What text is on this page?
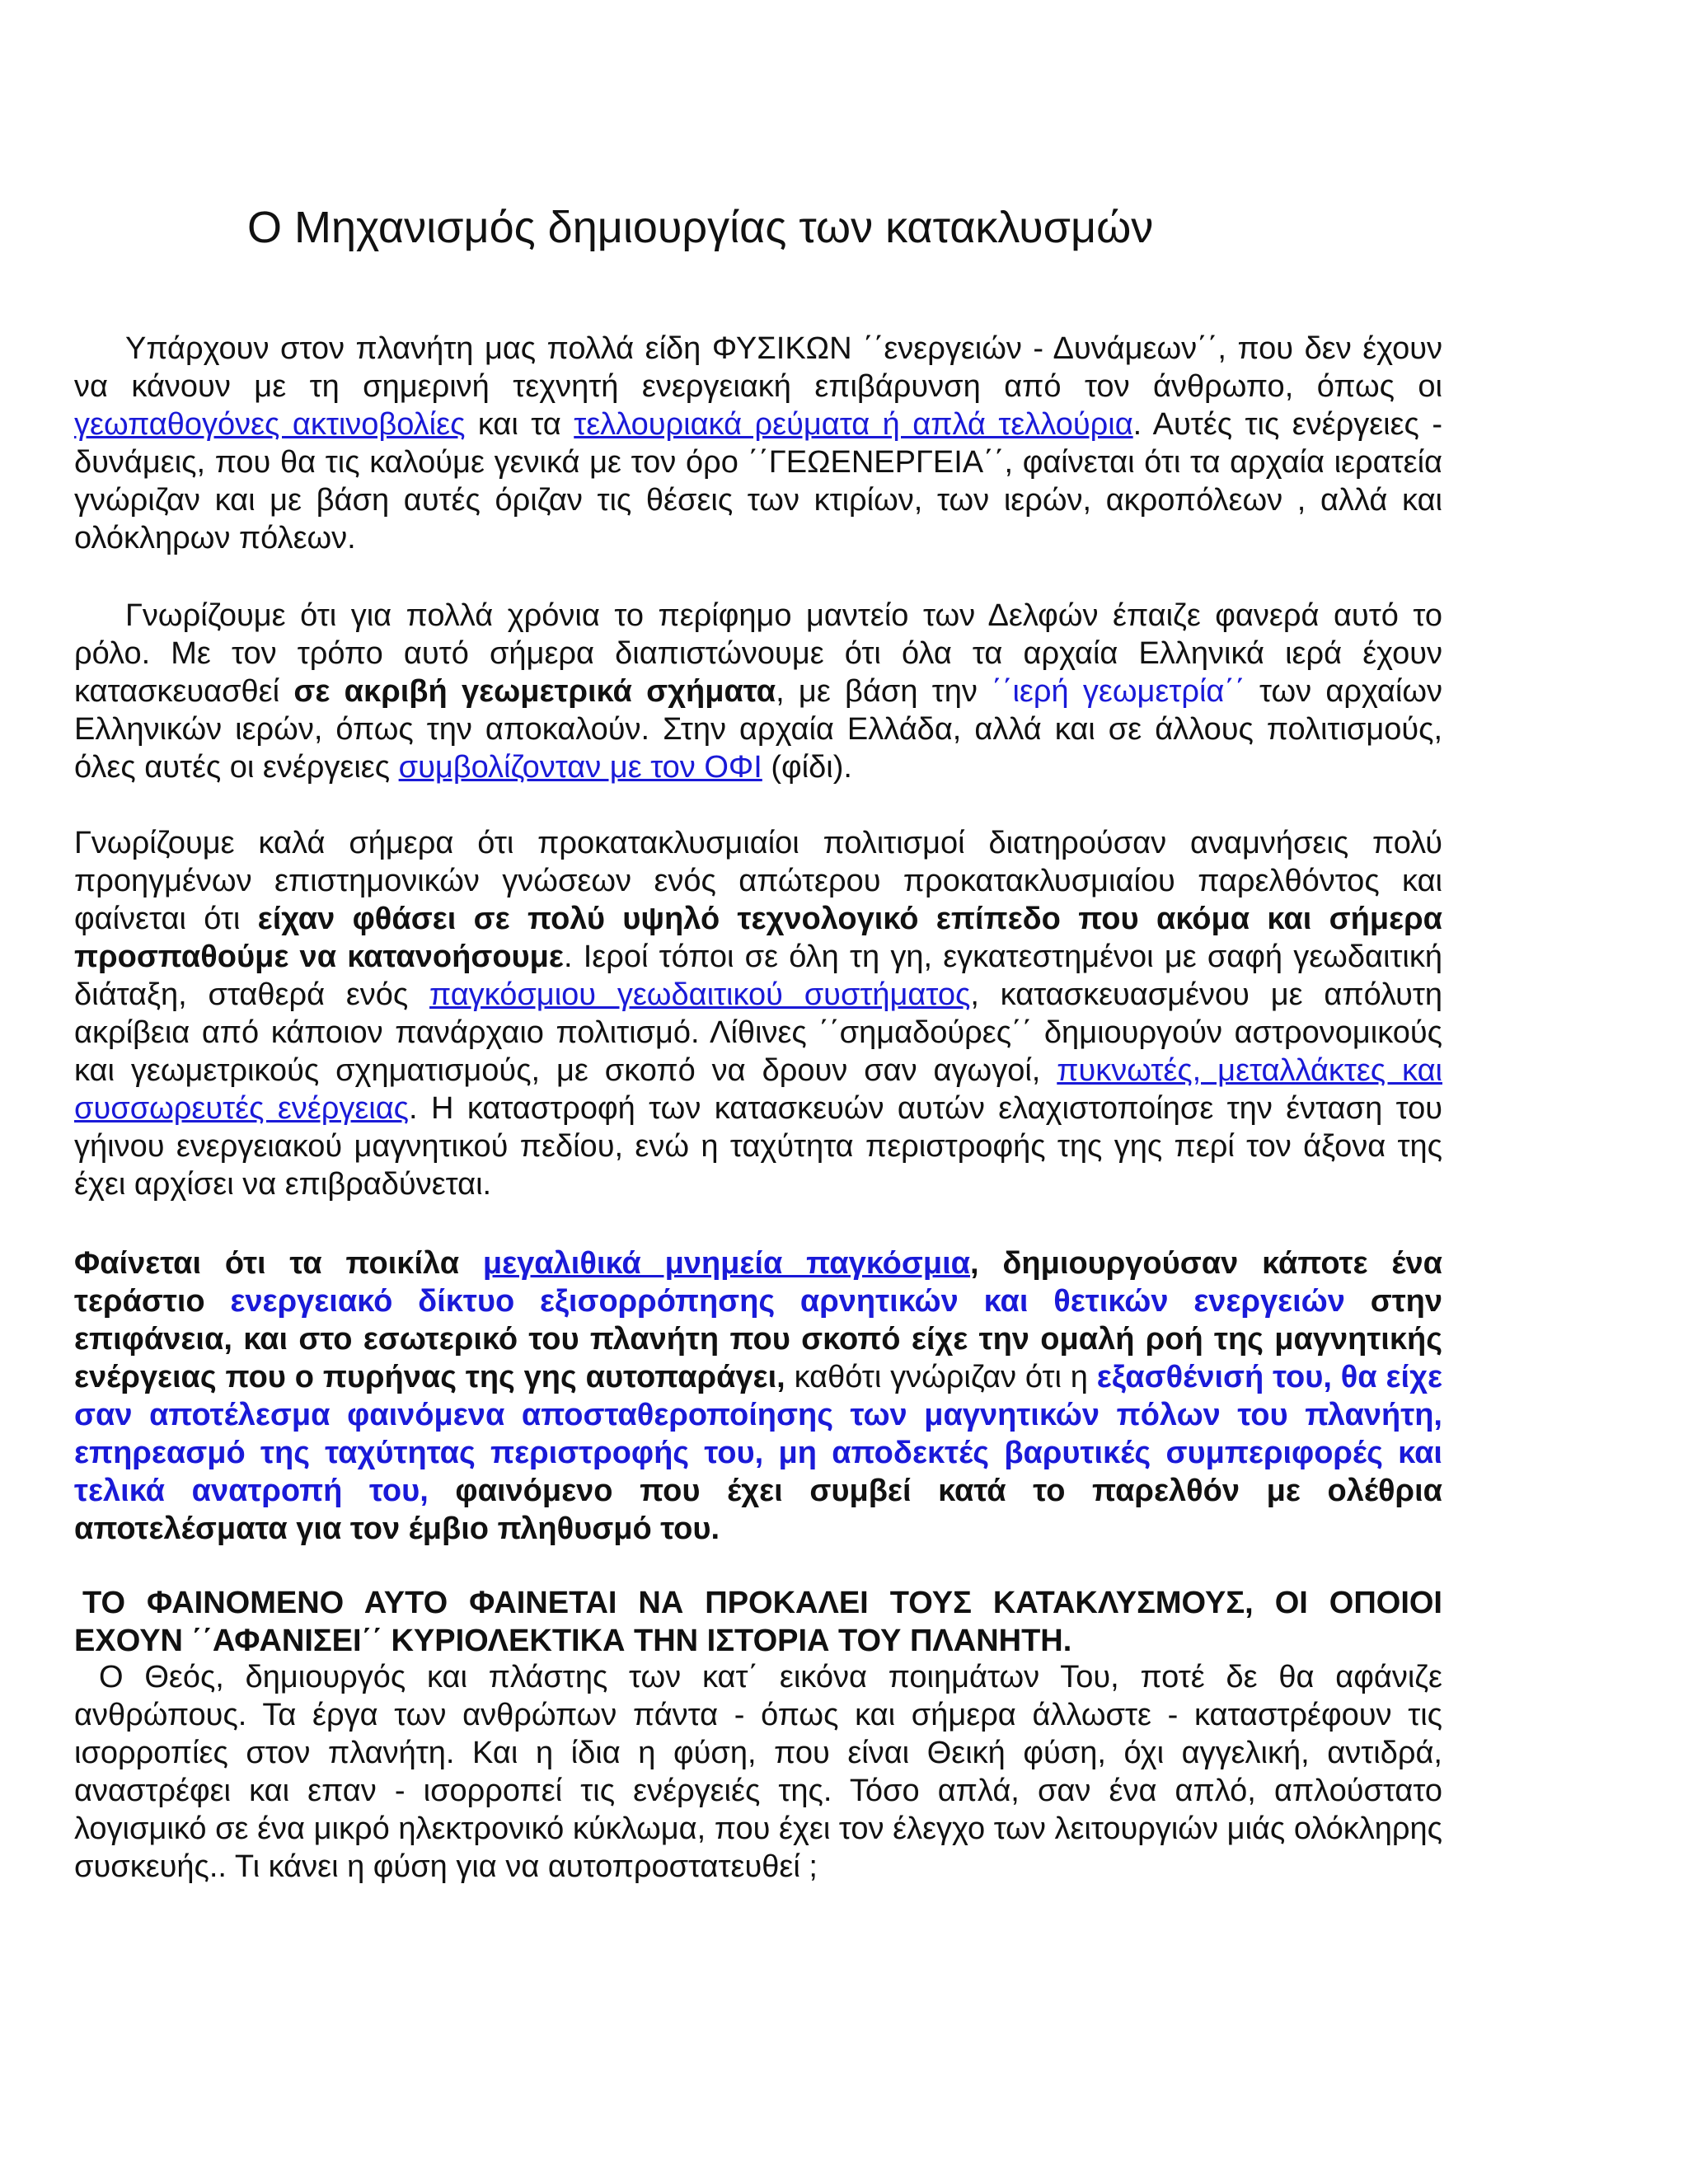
Ο Μηχανισμός δημιουργίας των κατακλυσμών

Υπάρχουν στον πλανήτη μας πολλά είδη ΦΥΣΙΚΩΝ ΄΄ενεργειών - Δυνάμεων΄΄, που δεν έχουν να κάνουν με τη σημερινή τεχνητή ενεργειακή επιβάρυνση από τον άνθρωπο, όπως οι γεωπαθογόνες ακτινοβολίες και τα τελλουριακά ρεύματα ή απλά τελλούρια. Αυτές τις ενέργειες - δυνάμεις, που θα τις καλούμε γενικά με τον όρο ΄΄ΓΕΩΕΝΕΡΓΕΙΑ΄΄, φαίνεται ότι τα αρχαία ιερατεία γνώριζαν και με βάση αυτές όριζαν τις θέσεις των κτιρίων, των ιερών, ακροπόλεων , αλλά και ολόκληρων πόλεων.

Γνωρίζουμε ότι για πολλά χρόνια το περίφημο μαντείο των Δελφών έπαιζε φανερά αυτό το ρόλο. Με τον τρόπο αυτό σήμερα διαπιστώνουμε ότι όλα τα αρχαία Ελληνικά ιερά έχουν κατασκευασθεί σε ακριβή γεωμετρικά σχήματα, με βάση την ΄΄ιερή γεωμετρία΄΄ των αρχαίων Ελληνικών ιερών, όπως την αποκαλούν. Στην αρχαία Ελλάδα, αλλά και σε άλλους πολιτισμούς, όλες αυτές οι ενέργειες συμβολίζονταν με τον ΟΦΙ (φίδι).

Γνωρίζουμε καλά σήμερα ότι προκατακλυσμιαίοι πολιτισμοί διατηρούσαν αναμνήσεις πολύ προηγμένων επιστημονικών γνώσεων ενός απώτερου προκατακλυσμιαίου παρελθόντος και φαίνεται ότι είχαν φθάσει σε πολύ υψηλό τεχνολογικό επίπεδο που ακόμα και σήμερα προσπαθούμε να κατανοήσουμε. Ιεροί τόποι σε όλη τη γη, εγκατεστημένοι με σαφή γεωδαιτική διάταξη, σταθερά ενός παγκόσμιου γεωδαιτικού συστήματος, κατασκευασμένου με απόλυτη ακρίβεια από κάποιον πανάρχαιο πολιτισμό. Λίθινες ΄΄σημαδούρες΄΄ δημιουργούν αστρονομικούς και γεωμετρικούς σχηματισμούς, με σκοπό να δρουν σαν αγωγοί, πυκνωτές, μεταλλάκτες και συσσωρευτές ενέργειας. Η καταστροφή των κατασκευών αυτών ελαχιστοποίησε την ένταση του γήινου ενεργειακού μαγνητικού πεδίου, ενώ η ταχύτητα περιστροφής της γης περί τον άξονα της έχει αρχίσει να επιβραδύνεται.

Φαίνεται ότι τα ποικίλα μεγαλιθικά μνημεία παγκόσμια, δημιουργούσαν κάποτε ένα τεράστιο ενεργειακό δίκτυο εξισορρόπησης αρνητικών και θετικών ενεργειών στην επιφάνεια, και στο εσωτερικό του πλανήτη που σκοπό είχε την ομαλή ροή της μαγνητικής ενέργειας που ο πυρήνας της γης αυτοπαράγει, καθότι γνώριζαν ότι η εξασθένισή του, θα είχε σαν αποτέλεσμα φαινόμενα αποσταθεροποίησης των μαγνητικών πόλων του πλανήτη, επηρεασμό της ταχύτητας περιστροφής του, μη αποδεκτές βαρυτικές συμπεριφορές και τελικά ανατροπή του, φαινόμενο που έχει συμβεί κατά το παρελθόν με ολέθρια αποτελέσματα για τον έμβιο πληθυσμό του.

ΤΟ ΦΑΙΝΟΜΕΝΟ ΑΥΤΟ ΦΑΙΝΕΤΑΙ ΝΑ ΠΡΟΚΑΛΕΙ ΤΟΥΣ ΚΑΤΑΚΛΥΣΜΟΥΣ, ΟΙ ΟΠΟΙΟΙ ΕΧΟΥΝ ΄΄ΑΦΑΝΙΣΕΙ΄΄ ΚΥΡΙΟΛΕΚΤΙΚΑ ΤΗΝ ΙΣΤΟΡΙΑ ΤΟΥ ΠΛΑΝΗΤΗ.

Ο Θεός, δημιουργός και πλάστης των κατ΄ εικόνα ποιημάτων Του, ποτέ δε θα αφάνιζε ανθρώπους. Τα έργα των ανθρώπων πάντα - όπως και σήμερα άλλωστε - καταστρέφουν τις ισορροπίες στον πλανήτη. Και η ίδια η φύση, που είναι Θεική φύση, όχι αγγελική, αντιδρά, αναστρέφει και επαν - ισορροπεί τις ενέργειές της. Τόσο απλά, σαν ένα απλό, απλούστατο λογισμικό σε ένα μικρό ηλεκτρονικό κύκλωμα, που έχει τον έλεγχο των λειτουργιών μιάς ολόκληρης συσκευής.. Τι κάνει η φύση για να αυτοπροστατευθεί ;
